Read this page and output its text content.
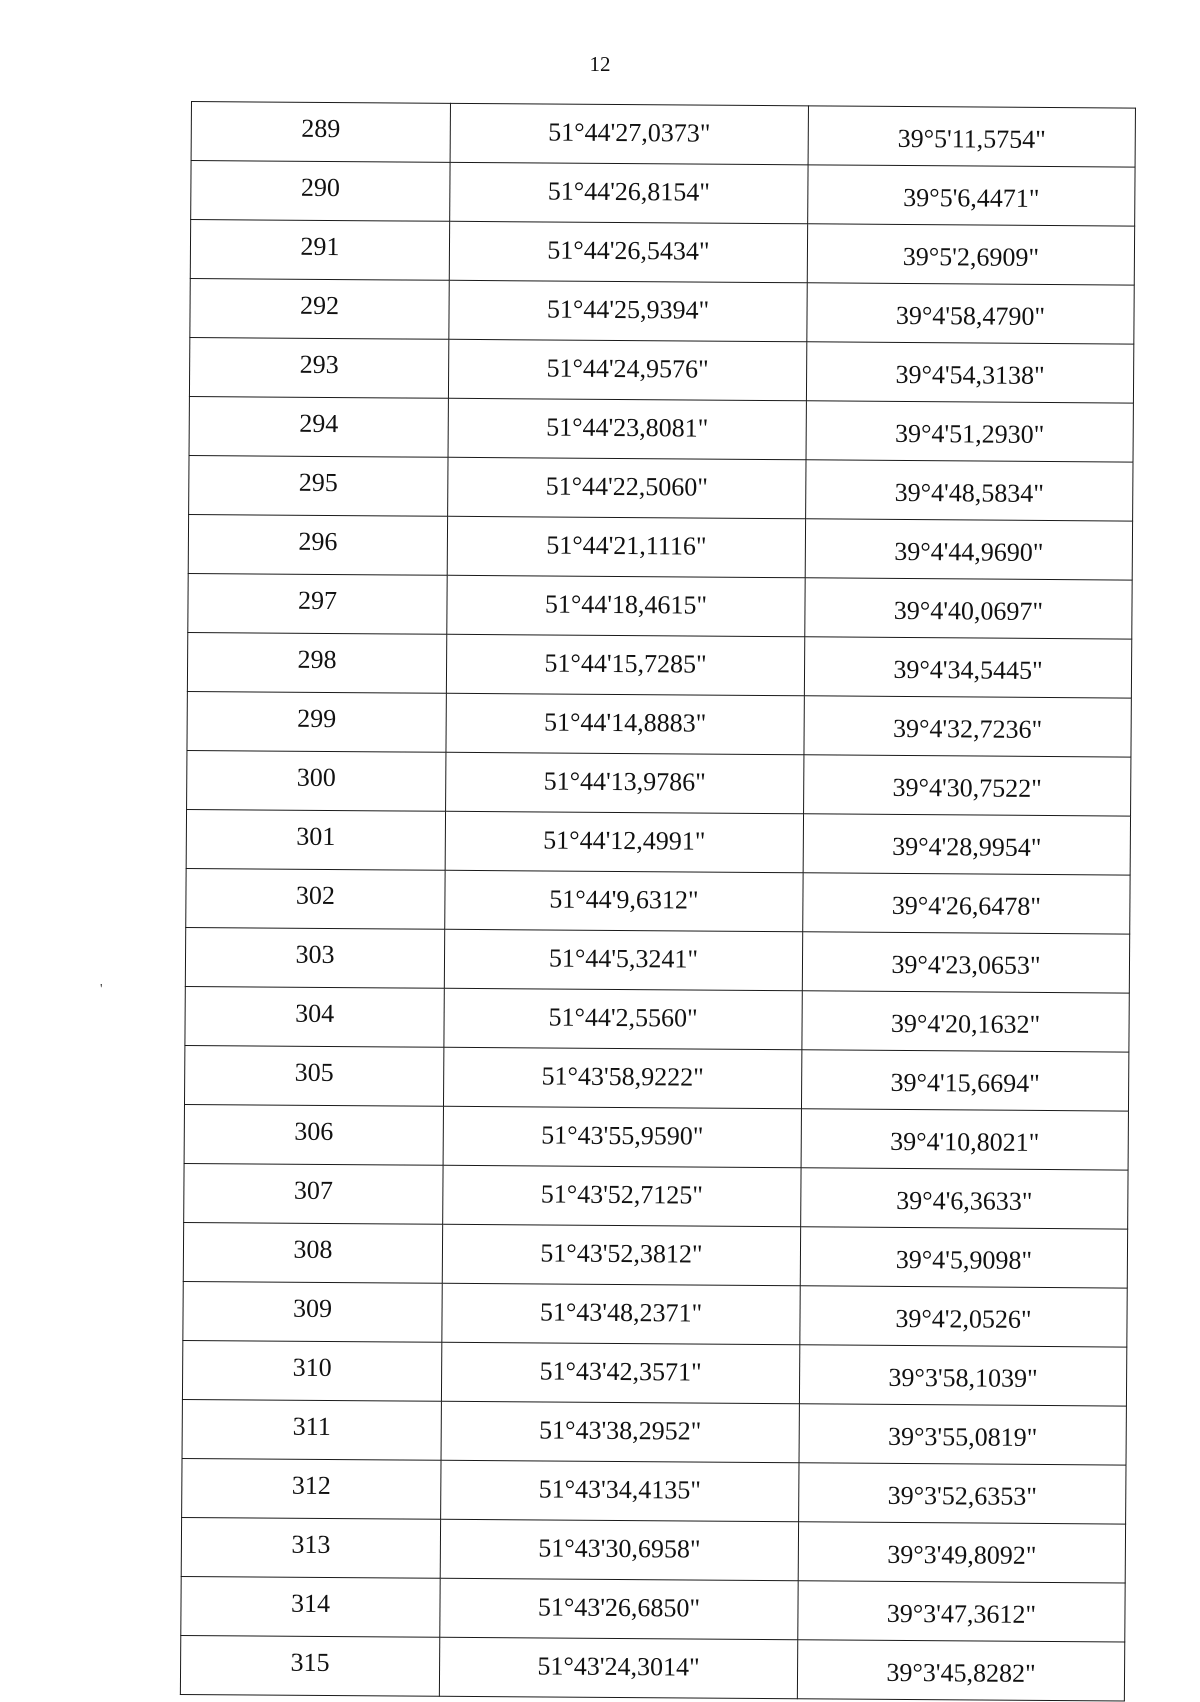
12
'
289	51°44'27,0373"	39°5'11,5754"
290	51°44'26,8154"	39°5'6,4471"
291	51°44'26,5434"	39°5'2,6909"
292	51°44'25,9394"	39°4'58,4790"
293	51°44'24,9576"	39°4'54,3138"
294	51°44'23,8081"	39°4'51,2930"
295	51°44'22,5060"	39°4'48,5834"
296	51°44'21,1116"	39°4'44,9690"
297	51°44'18,4615"	39°4'40,0697"
298	51°44'15,7285"	39°4'34,5445"
299	51°44'14,8883"	39°4'32,7236"
300	51°44'13,9786"	39°4'30,7522"
301	51°44'12,4991"	39°4'28,9954"
302	51°44'9,6312"	39°4'26,6478"
303	51°44'5,3241"	39°4'23,0653"
304	51°44'2,5560"	39°4'20,1632"
305	51°43'58,9222"	39°4'15,6694"
306	51°43'55,9590"	39°4'10,8021"
307	51°43'52,7125"	39°4'6,3633"
308	51°43'52,3812"	39°4'5,9098"
309	51°43'48,2371"	39°4'2,0526"
310	51°43'42,3571"	39°3'58,1039"
311	51°43'38,2952"	39°3'55,0819"
312	51°43'34,4135"	39°3'52,6353"
313	51°43'30,6958"	39°3'49,8092"
314	51°43'26,6850"	39°3'47,3612"
315	51°43'24,3014"	39°3'45,8282"
